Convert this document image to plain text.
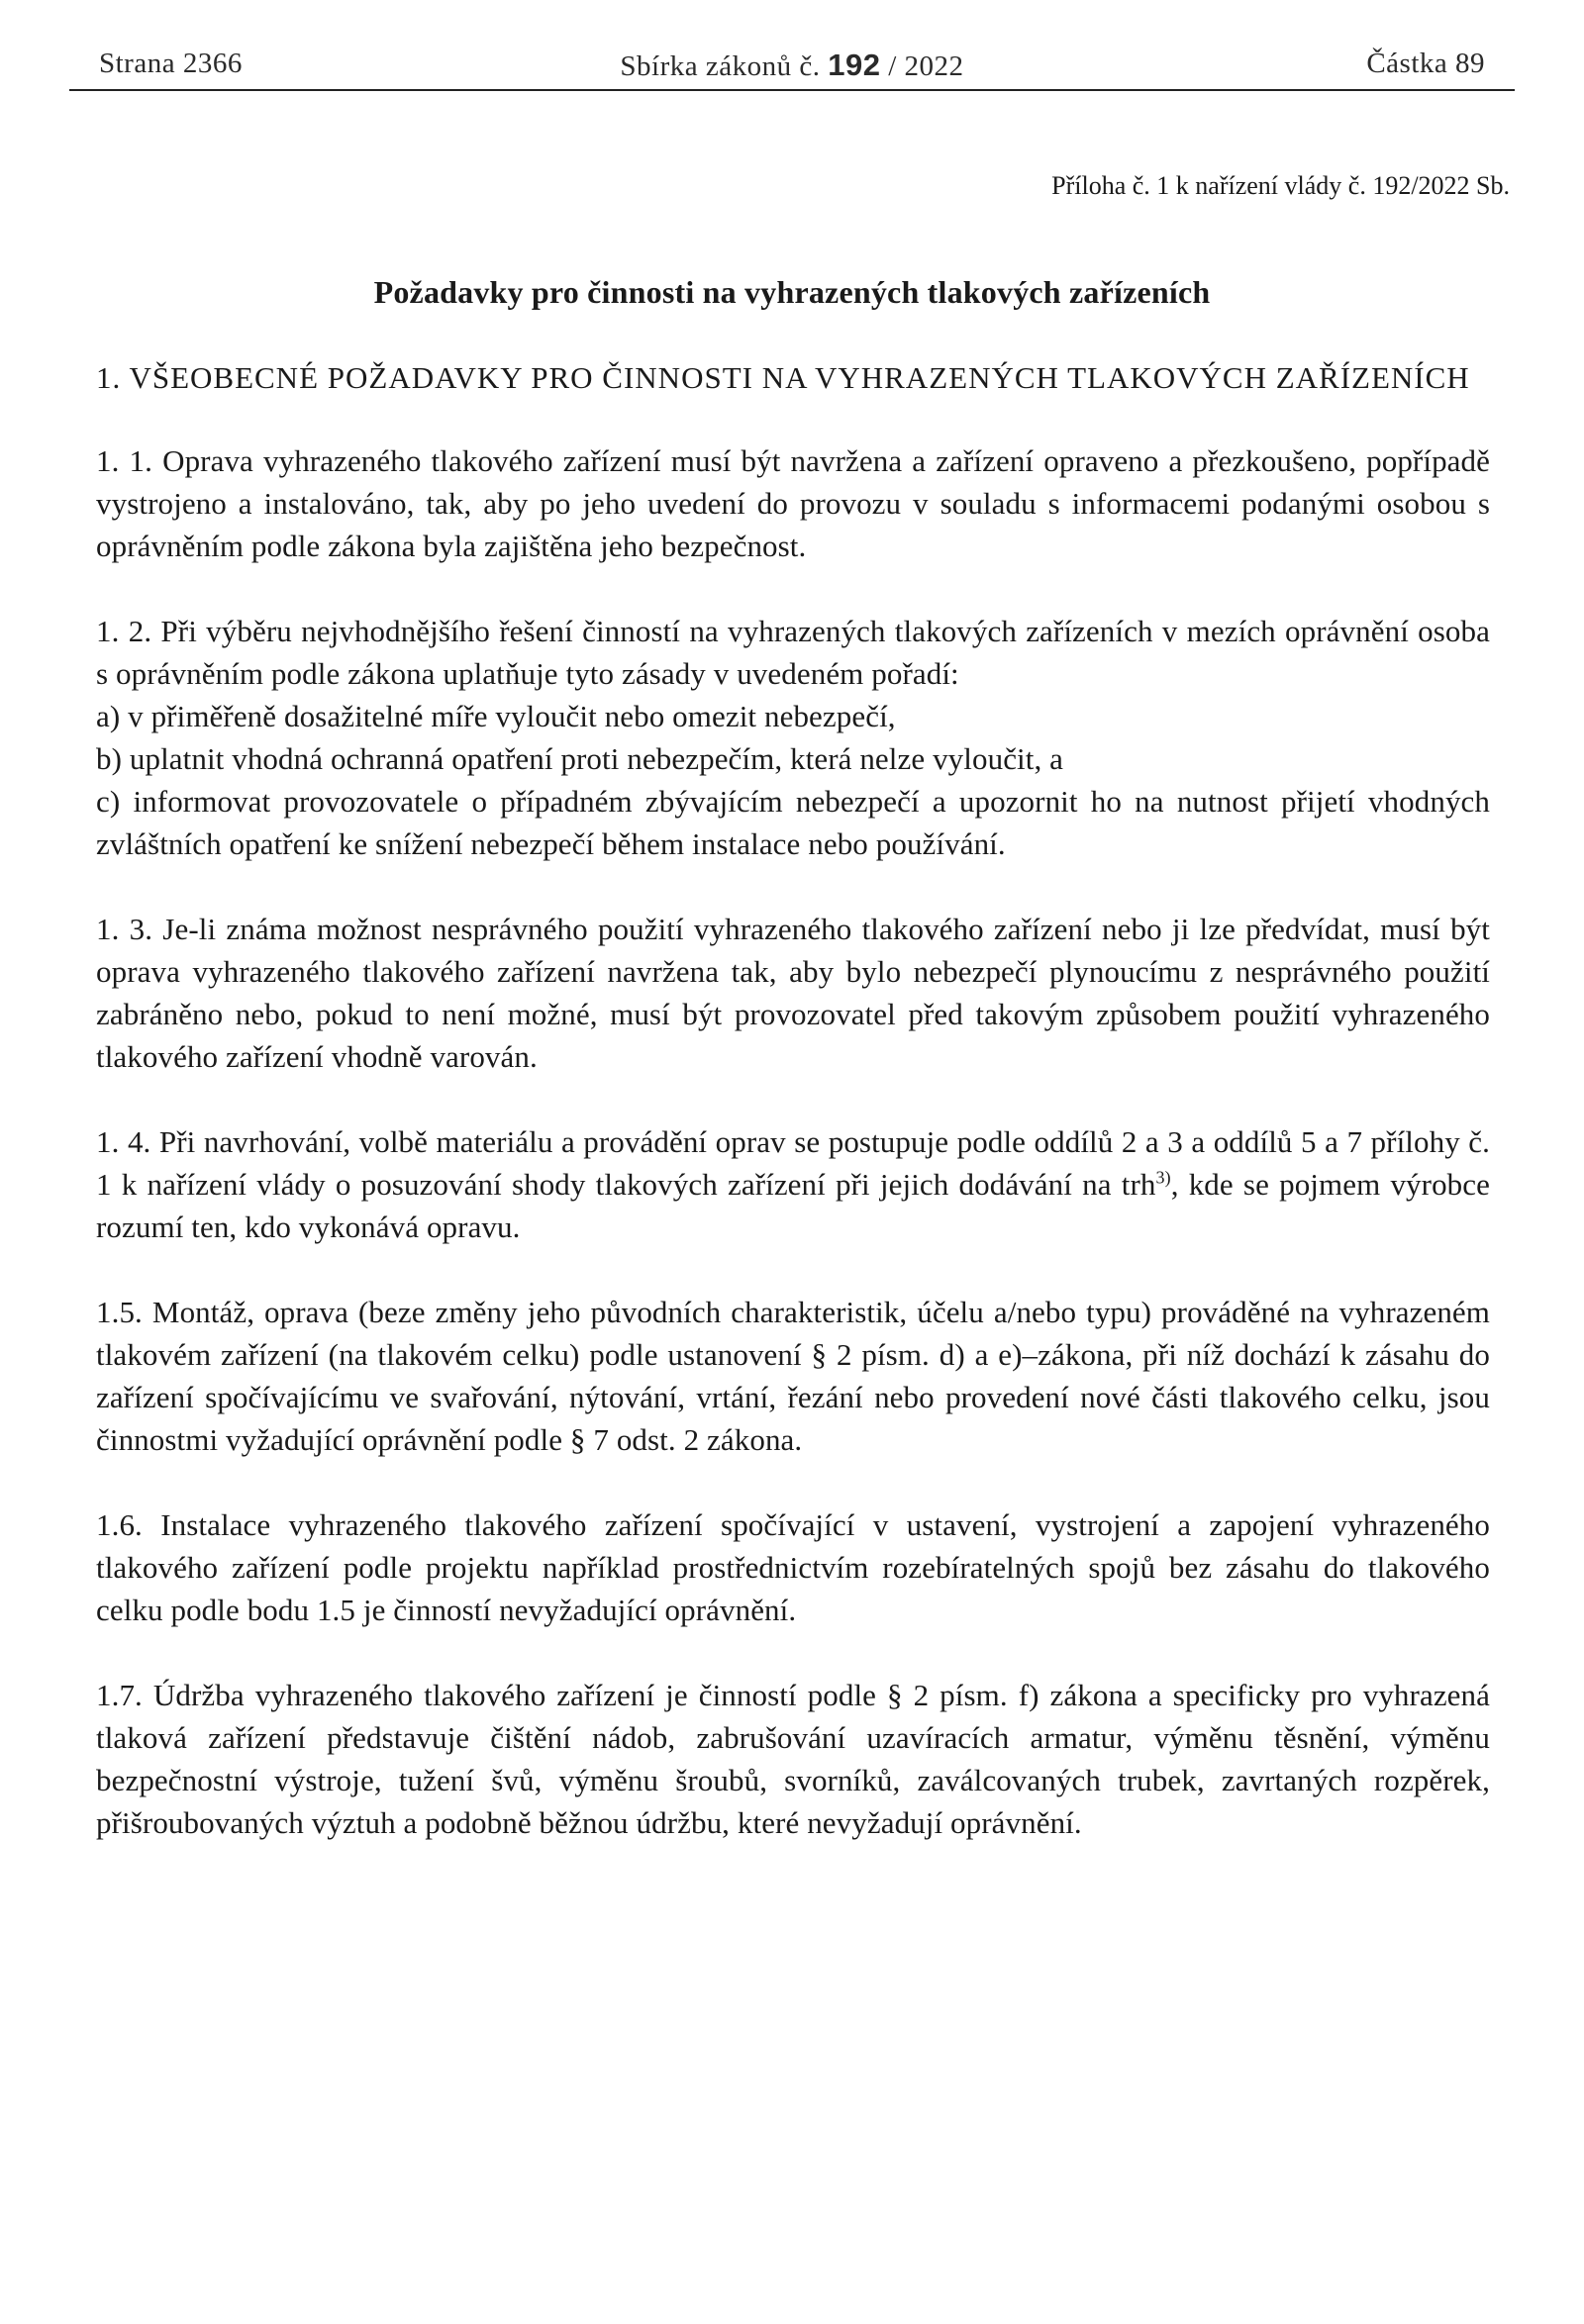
Strana 2366	Sbírka zákonů č. 192 / 2022	Částka 89
Příloha č. 1 k nařízení vlády č. 192/2022 Sb.
Požadavky pro činnosti na vyhrazených tlakových zařízeních
1. VŠEOBECNÉ POŽADAVKY PRO ČINNOSTI NA VYHRAZENÝCH TLAKOVÝCH ZAŘÍZENÍCH
1. 1. Oprava vyhrazeného tlakového zařízení musí být navržena a zařízení opraveno a přezkoušeno, popřípadě vystrojeno a instalováno, tak, aby po jeho uvedení do provozu v souladu s informacemi podanými osobou s oprávněním podle zákona byla zajištěna jeho bezpečnost.
1. 2. Při výběru nejvhodnějšího řešení činností na vyhrazených tlakových zařízeních v mezích oprávnění osoba s oprávněním podle zákona uplatňuje tyto zásady v uvedeném pořadí:
a) v přiměřeně dosažitelné míře vyloučit nebo omezit nebezpečí,
b) uplatnit vhodná ochranná opatření proti nebezpečím, která nelze vyloučit, a
c) informovat provozovatele o případném zbývajícím nebezpečí a upozornit ho na nutnost přijetí vhodných zvláštních opatření ke snížení nebezpečí během instalace nebo používání.
1. 3. Je-li známa možnost nesprávného použití vyhrazeného tlakového zařízení nebo ji lze předvídat, musí být oprava vyhrazeného tlakového zařízení navržena tak, aby bylo nebezpečí plynoucímu z nesprávného použití zabráněno nebo, pokud to není možné, musí být provozovatel před takovým způsobem použití vyhrazeného tlakového zařízení vhodně varován.
1. 4. Při navrhování, volbě materiálu a provádění oprav se postupuje podle oddílů 2 a 3 a oddílů 5 a 7 přílohy č. 1 k nařízení vlády o posuzování shody tlakových zařízení při jejich dodávání na trh$^{3)}$, kde se pojmem výrobce rozumí ten, kdo vykonává opravu.
1.5. Montáž, oprava (beze změny jeho původních charakteristik, účelu a/nebo typu) prováděné na vyhrazeném tlakovém zařízení (na tlakovém celku) podle ustanovení § 2 písm. d) a e)–zákona, při níž dochází k zásahu do zařízení spočívajícímu ve svařování, nýtování, vrtání, řezání nebo provedení nové části tlakového celku, jsou činnostmi vyžadující oprávnění podle § 7 odst. 2 zákona.
1.6. Instalace vyhrazeného tlakového zařízení spočívající v ustavení, vystrojení a zapojení vyhrazeného tlakového zařízení podle projektu například prostřednictvím rozebíratelných spojů bez zásahu do tlakového celku podle bodu 1.5 je činností nevyžadující oprávnění.
1.7. Údržba vyhrazeného tlakového zařízení je činností podle § 2 písm. f) zákona a specificky pro vyhrazená tlaková zařízení představuje čištění nádob, zabrušování uzavíracích armatur, výměnu těsnění, výměnu bezpečnostní výstroje, tužení švů, výměnu šroubů, svorníků, zaválcovaných trubek, zavrtaných rozpěrek, přišroubovaných výztuh a podobně běžnou údržbu, které nevyžadují oprávnění.
